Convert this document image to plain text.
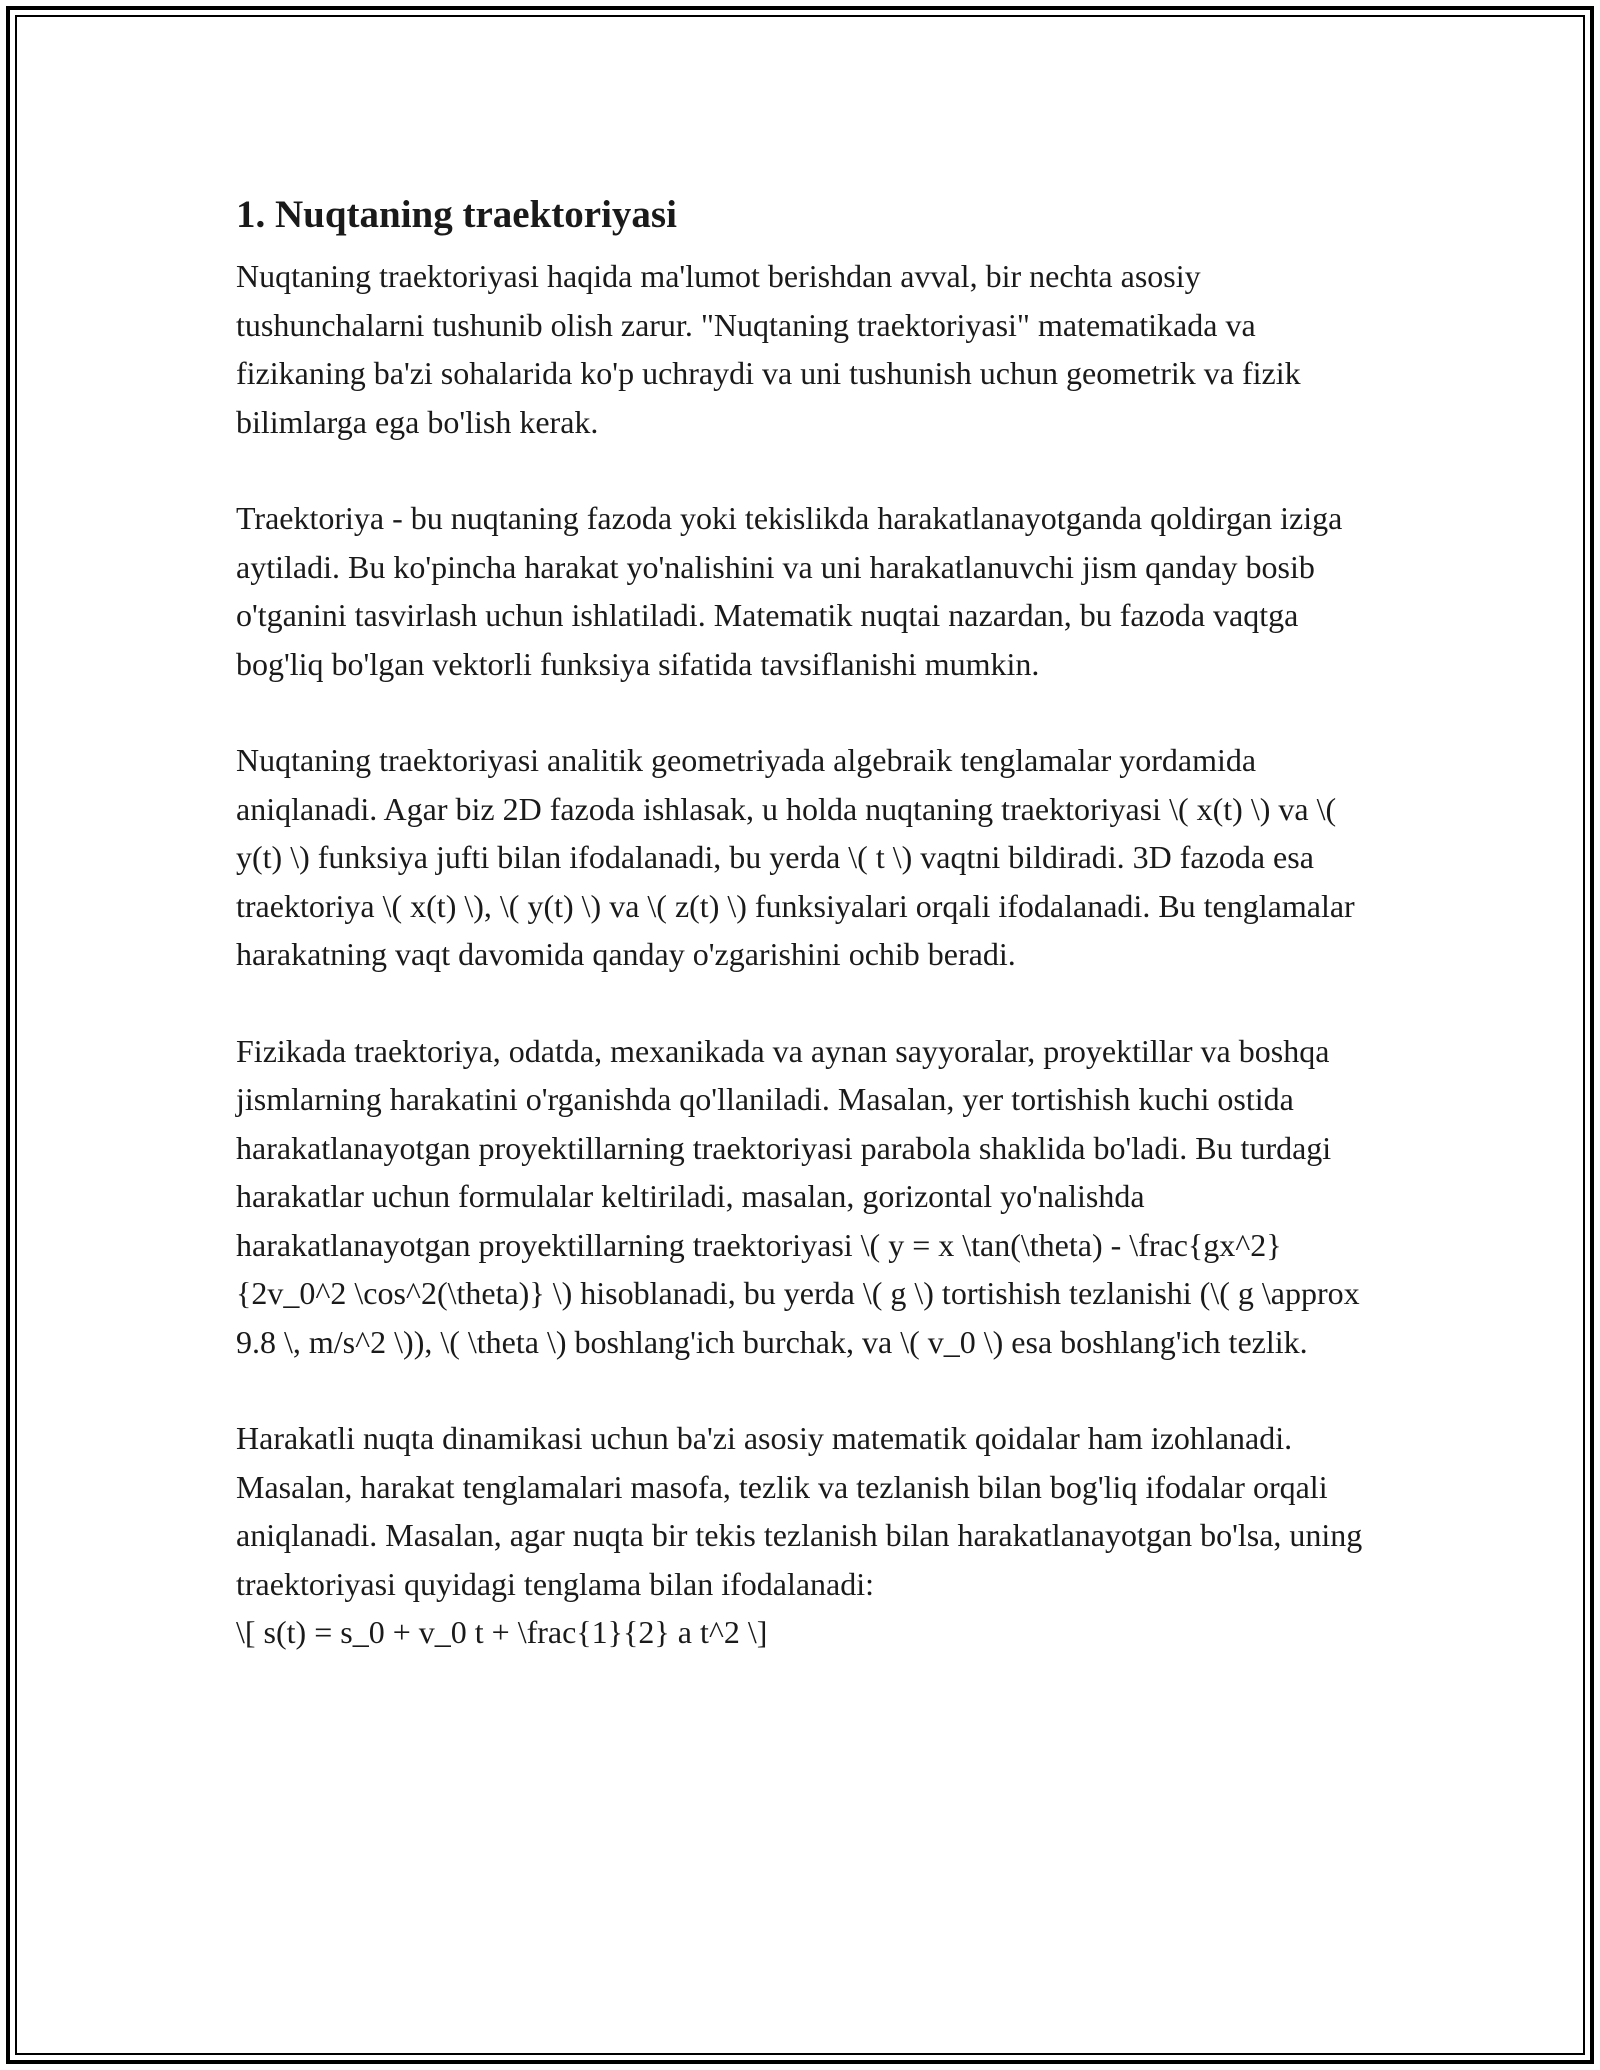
1. Nuqtaning traektoriyasi

Nuqtaning traektoriyasi haqida ma'lumot berishdan avval, bir nechta asosiy tushunchalarni tushunib olish zarur. "Nuqtaning traektoriyasi" matematikada va fizikaning ba'zi sohalarida ko'p uchraydi va uni tushunish uchun geometrik va fizik bilimlarga ega bo'lish kerak.

Traektoriya - bu nuqtaning fazoda yoki tekislikda harakatlanayotganda qoldirgan iziga aytiladi. Bu ko'pincha harakat yo'nalishini va uni harakatlanuvchi jism qanday bosib o'tganini tasvirlash uchun ishlatiladi. Matematik nuqtai nazardan, bu fazoda vaqtga bog'liq bo'lgan vektorli funksiya sifatida tavsiflanishi mumkin.

Nuqtaning traektoriyasi analitik geometriyada algebraik tenglamalar yordamida aniqlanadi. Agar biz 2D fazoda ishlasak, u holda nuqtaning traektoriyasi \( x(t) \) va \( y(t) \) funksiya jufti bilan ifodalanadi, bu yerda \( t \) vaqtni bildiradi. 3D fazoda esa traektoriya \( x(t) \), \( y(t) \) va \( z(t) \) funksiyalari orqali ifodalanadi. Bu tenglamalar harakatning vaqt davomida qanday o'zgarishini ochib beradi.

Fizikada traektoriya, odatda, mexanikada va aynan sayyoralar, proyektillar va boshqa jismlarning harakatini o'rganishda qo'llaniladi. Masalan, yer tortishish kuchi ostida harakatlanayotgan proyektillarning traektoriyasi parabola shaklida bo'ladi. Bu turdagi harakatlar uchun formulalar keltiriladi, masalan, gorizontal yo'nalishda harakatlanayotgan proyektillarning traektoriyasi \( y = x \tan(\theta) - \frac{gx^2}{2v_0^2 \cos^2(\theta)} \) hisoblanadi, bu yerda \( g \) tortishish tezlanishi (\( g \approx 9.8 \, m/s^2 \)), \( \theta \) boshlang'ich burchak, va \( v_0 \) esa boshlang'ich tezlik.

Harakatli nuqta dinamikasi uchun ba'zi asosiy matematik qoidalar ham izohlanadi. Masalan, harakat tenglamalari masofa, tezlik va tezlanish bilan bog'liq ifodalar orqali aniqlanadi. Masalan, agar nuqta bir tekis tezlanish bilan harakatlanayotgan bo'lsa, uning traektoriyasi quyidagi tenglama bilan ifodalanadi:

\[ s(t) = s_0 + v_0 t + \frac{1}{2} a t^2 \]
